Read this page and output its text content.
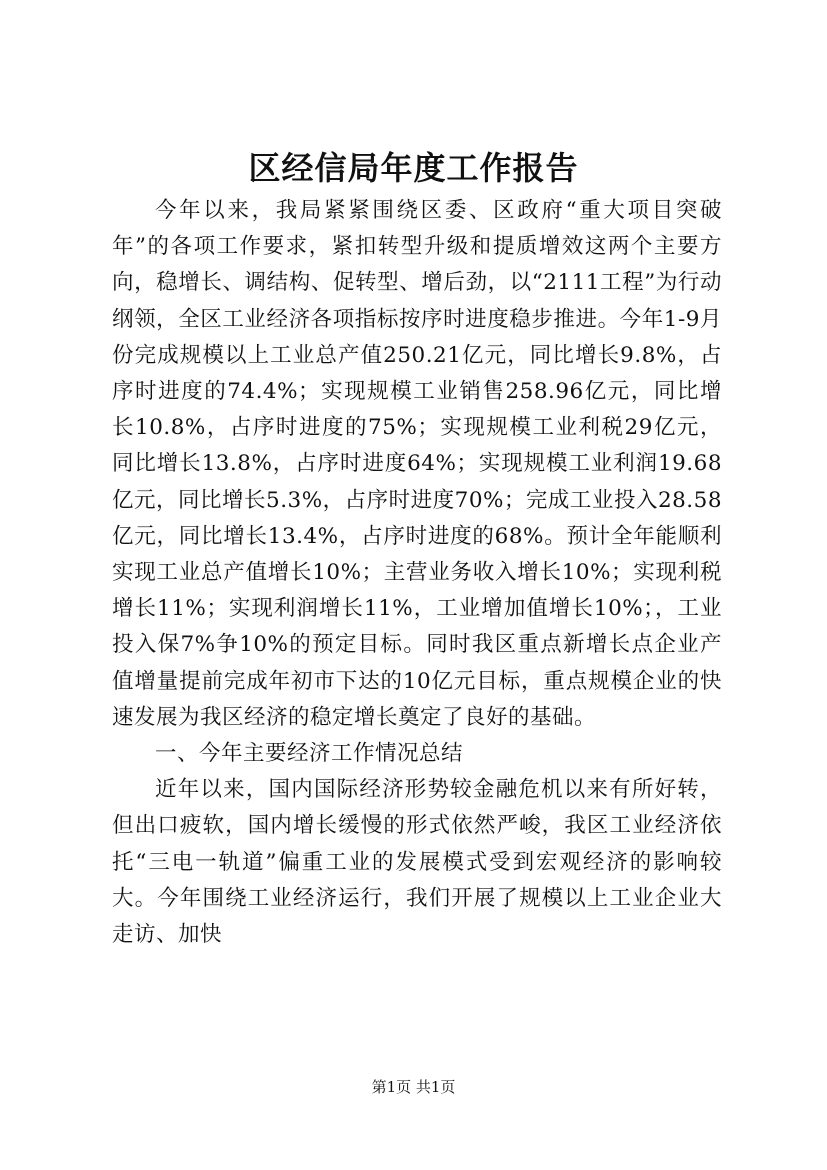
区经信局年度工作报告

今年以来，我局紧紧围绕区委、区政府“重大项目突破年”的各项工作要求，紧扣转型升级和提质增效这两个主要方向，稳增长、调结构、促转型、增后劲，以“2111工程”为行动纲领，全区工业经济各项指标按序时进度稳步推进。今年1-9月份完成规模以上工业总产值250.21亿元，同比增长9.8%，占序时进度的74.4%；实现规模工业销售258.96亿元，同比增长10.8%，占序时进度的75%；实现规模工业利税29亿元，同比增长13.8%，占序时进度64%；实现规模工业利润19.68亿元，同比增长5.3%，占序时进度70%；完成工业投入28.58亿元，同比增长13.4%，占序时进度的68%。预计全年能顺利实现工业总产值增长10%；主营业务收入增长10%；实现利税增长11%；实现利润增长11%，工业增加值增长10%；，工业投入保7%争10%的预定目标。同时我区重点新增长点企业产值增量提前完成年初市下达的10亿元目标，重点规模企业的快速发展为我区经济的稳定增长奠定了良好的基础。

一、今年主要经济工作情况总结

近年以来，国内国际经济形势较金融危机以来有所好转，但出口疲软，国内增长缓慢的形式依然严峻，我区工业经济依托“三电一轨道”偏重工业的发展模式受到宏观经济的影响较大。今年围绕工业经济运行，我们开展了规模以上工业企业大走访、加快

第1页 共1页
